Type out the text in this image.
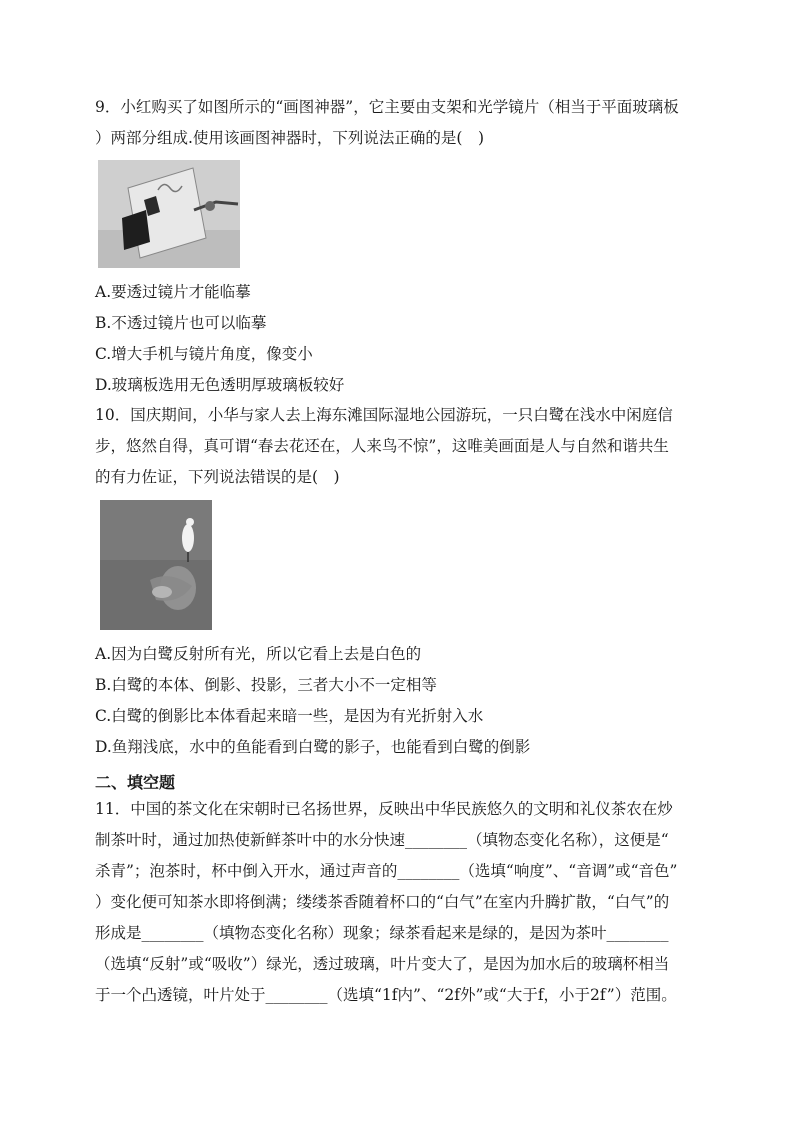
9．小红购买了如图所示的“画图神器”，它主要由支架和光学镜片（相当于平面玻璃板
）两部分组成.使用该画图神器时，下列说法正确的是(　)
A.要透过镜片才能临摹
B.不透过镜片也可以临摹
C.增大手机与镜片角度，像变小
D.玻璃板选用无色透明厚玻璃板较好
10．国庆期间，小华与家人去上海东滩国际湿地公园游玩，一只白鹭在浅水中闲庭信
步，悠然自得，真可谓“春去花还在，人来鸟不惊”，这唯美画面是人与自然和谐共生
的有力佐证，下列说法错误的是(　)
A.因为白鹭反射所有光，所以它看上去是白色的
B.白鹭的本体、倒影、投影，三者大小不一定相等
C.白鹭的倒影比本体看起来暗一些，是因为有光折射入水
D.鱼翔浅底，水中的鱼能看到白鹭的影子，也能看到白鹭的倒影
二、填空题
11．中国的茶文化在宋朝时已名扬世界，反映出中华民族悠久的文明和礼仪茶农在炒
制茶叶时，通过加热使新鲜茶叶中的水分快速________（填物态变化名称），这便是“
杀青”；泡茶时，杯中倒入开水，通过声音的________（选填“响度”、“音调”或“音色”
）变化便可知茶水即将倒满；缕缕茶香随着杯口的“白气”在室内升腾扩散，“白气”的
形成是________（填物态变化名称）现象；绿茶看起来是绿的，是因为茶叶________
（选填“反射”或“吸收”）绿光，透过玻璃，叶片变大了，是因为加水后的玻璃杯相当
于一个凸透镜，叶片处于________（选填“1f内”、“2f外”或“大于f，小于2f”）范围。
